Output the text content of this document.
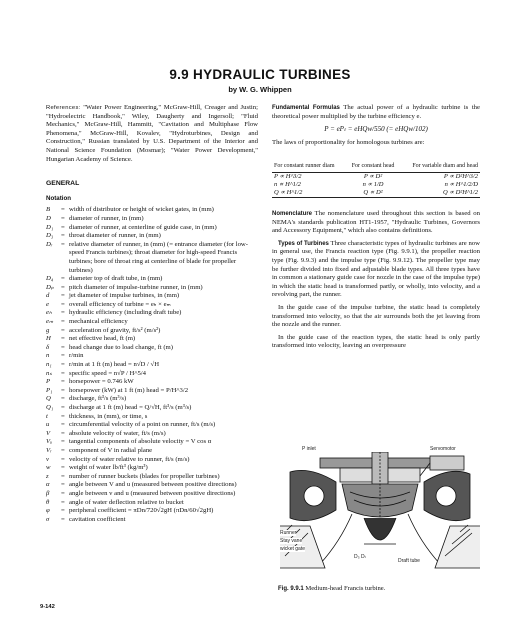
9.9 HYDRAULIC TURBINES
by W. G. Whippen

References: "Water Power Engineering," McGraw-Hill, Creager and Justin; "Hydroelectric Handbook," Wiley, Daugherty and Ingersoll; "Fluid Mechanics," McGraw-Hill, Hammitt, "Cavitation and Multiphase Flow Phenomena," McGraw-Hill, Kovalev, "Hydroturbines, Design and Construction," Russian translated by U.S. Department of the Interior and National Science Foundation (Mosmar); "Water Power Development," Hungarian Academy of Science.

GENERAL

Notation

B	= width of distributor or height of wicket gates, in (mm)
D	= diameter of runner, in (mm)
D₁	= diameter of runner, at centerline of guide case, in (mm)
D₃	= throat diameter of runner, in (mm)
Dᵣ	= relative diameter of runner, in (mm) (= entrance diameter (for low-speed Francis turbines); throat diameter for high-speed Francis turbines; bore of throat ring at centerline of blade for propeller turbines)
D₄	= diameter top of draft tube, in (mm)
Dₚ	= pitch diameter of impulse-turbine runner, in (mm)
d	= jet diameter of impulse turbines, in (mm)
e	= overall efficiency of turbine = eₕ × eₘ
eₕ	= hydraulic efficiency (including draft tube)
eₘ	= mechanical efficiency
g	= acceleration of gravity, ft/s² (m/s²)
H	= net effective head, ft (m)
δ	= head change due to load change, ft (m)
n	= r/min
n₁	= r/min at 1 ft (m) head = n√D / √H
nₛ	= specific speed = n√P / H^5/4
P	= horsepower = 0.746 kW
P₁	= horsepower (kW) at 1 ft (m) head = P/H^3/2
Q	= discharge, ft³/s (m³/s)
Q₁	= discharge at 1 ft (m) head = Q/√H, ft³/s (m³/s)
t	= thickness, in (mm), or time, s
u	= circumferential velocity of a point on runner, ft/s (m/s)
V	= absolute velocity of water, ft/s (m/s)
Vᵤ	= tangential components of absolute velocity = V cos α
Vᵣ	= component of V in radial plane
v	= velocity of water relative to runner, ft/s (m/s)
w	= weight of water lb/ft³ (kg/m³)
z	= number of runner buckets (blades for propeller turbines)
α	= angle between V and u (measured between positive directions)
β	= angle between v and u (measured between positive directions)
θ	= angle of water deflection relative to bucket
φ	= peripheral coefficient = πDn/720√2gH (πDn/60√2gH)
σ	= cavitation coefficient

Fundamental Formulas The actual power of a hydraulic turbine is the theoretical power multiplied by the turbine efficiency e.

P = ePₜ = eHQw/550 (= eHQw/102)

The laws of proportionality for homologous turbines are:

For constant runner diam	For constant head	For variable diam and head
P ∝ H^3/2	P ∝ D²	P ∝ D²H^3/2
n ∝ H^1/2	n ∝ 1/D	n ∝ H^1/2/D
Q ∝ H^1/2	Q ∝ D²	Q ∝ D²H^1/2

Nomenclature The nomenclature used throughout this section is based on NEMA's standards publication HT1-1957, "Hydraulic Turbines, Governors and Accessory Equipment," which also contains definitions.

Types of Turbines Three characteristic types of hydraulic turbines are now in general use, the Francis reaction type (Fig. 9.9.1), the propeller reaction type (Fig. 9.9.3) and the impulse type (Fig. 9.9.12). The propeller type may be further divided into fixed and adjustable blade types. All three types have in common a stationary guide case for nozzle in the case of the impulse type) in which the static head is transformed partly, or wholly, into velocity, and a revolving part, the runner.

In the guide case of the impulse turbine, the static head is completely transformed into velocity, so that the air surrounds both the jet leaving from the nozzle and the runner.

In the guide case of the reaction types, the static head is only partly transformed into velocity, leaving an overpressure

P inlet	Servomotor
Runner
Stay vane
wicket gate
D₃ Dₜ
Draft tube
Fig. 9.9.1 Medium-head Francis turbine.
9-142
